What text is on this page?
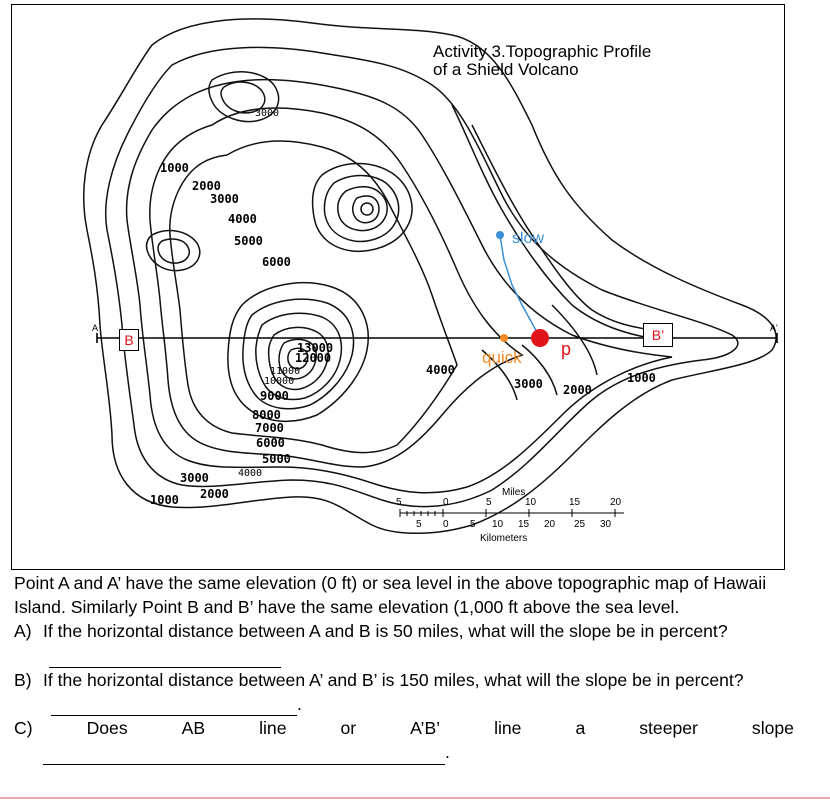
Activity 3.Topographic Profile
of a Shield Volcano
3000
1000
2000
3000
4000
5000
6000
13000
12000
11000
10000
9000
8000
7000
6000
5000
3000	4000
2000
1000
4000
3000 2000
1000
A	A'
B	B’
slow
quick p
Miles
5	0	5	10	15	20
5 0 5 10 15 20 25 30
Kilometers

Point A and A’ have the same elevation (0 ft) or sea level in the above topographic map of Hawaii Island. Similarly Point B and B’ have the same elevation (1,000 ft above the sea level.

A) If the horizontal distance between A and B is 50 miles, what will the slope be in percent?
B) If the horizontal distance between A’ and B’ is 150 miles, what will the slope be in percent? .
C)	Does	AB	line	or	A’B’	line	a	steeper	slope
.
